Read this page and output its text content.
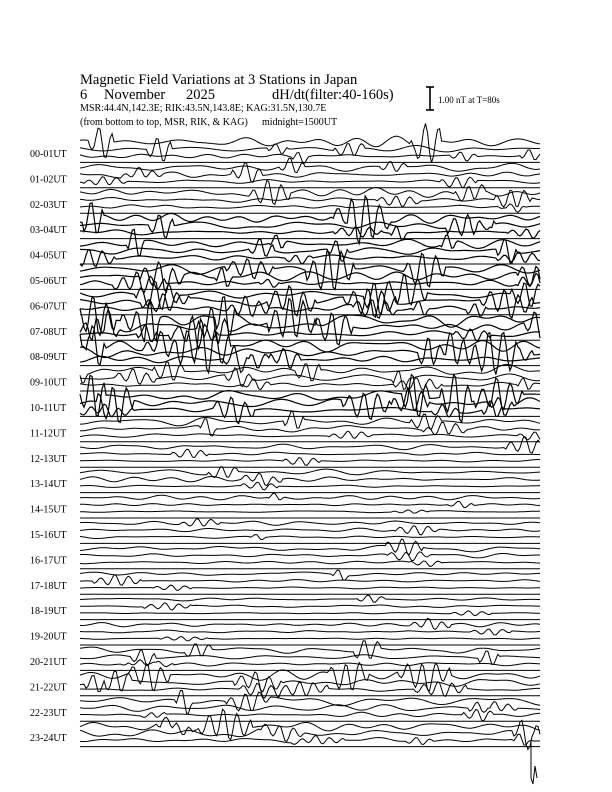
Magnetic Field Variations at 3 Stations in Japan
6 November 2025	dH/dt (filter:40-160s)
MSR:44.4N,142.3E; RIK:43.5N,143.8E; KAG:31.5N,130.7E
(from bottom to top, MSR, RIK, & KAG) midnight=1500UT
1.00 nT at T=80s
00-01UT
01-02UT
02-03UT
03-04UT
04-05UT
05-06UT
06-07UT
07-08UT
08-09UT
09-10UT
10-11UT
11-12UT
12-13UT
13-14UT
14-15UT
15-16UT
16-17UT
17-18UT
18-19UT
19-20UT
20-21UT
21-22UT
22-23UT
23-24UT
